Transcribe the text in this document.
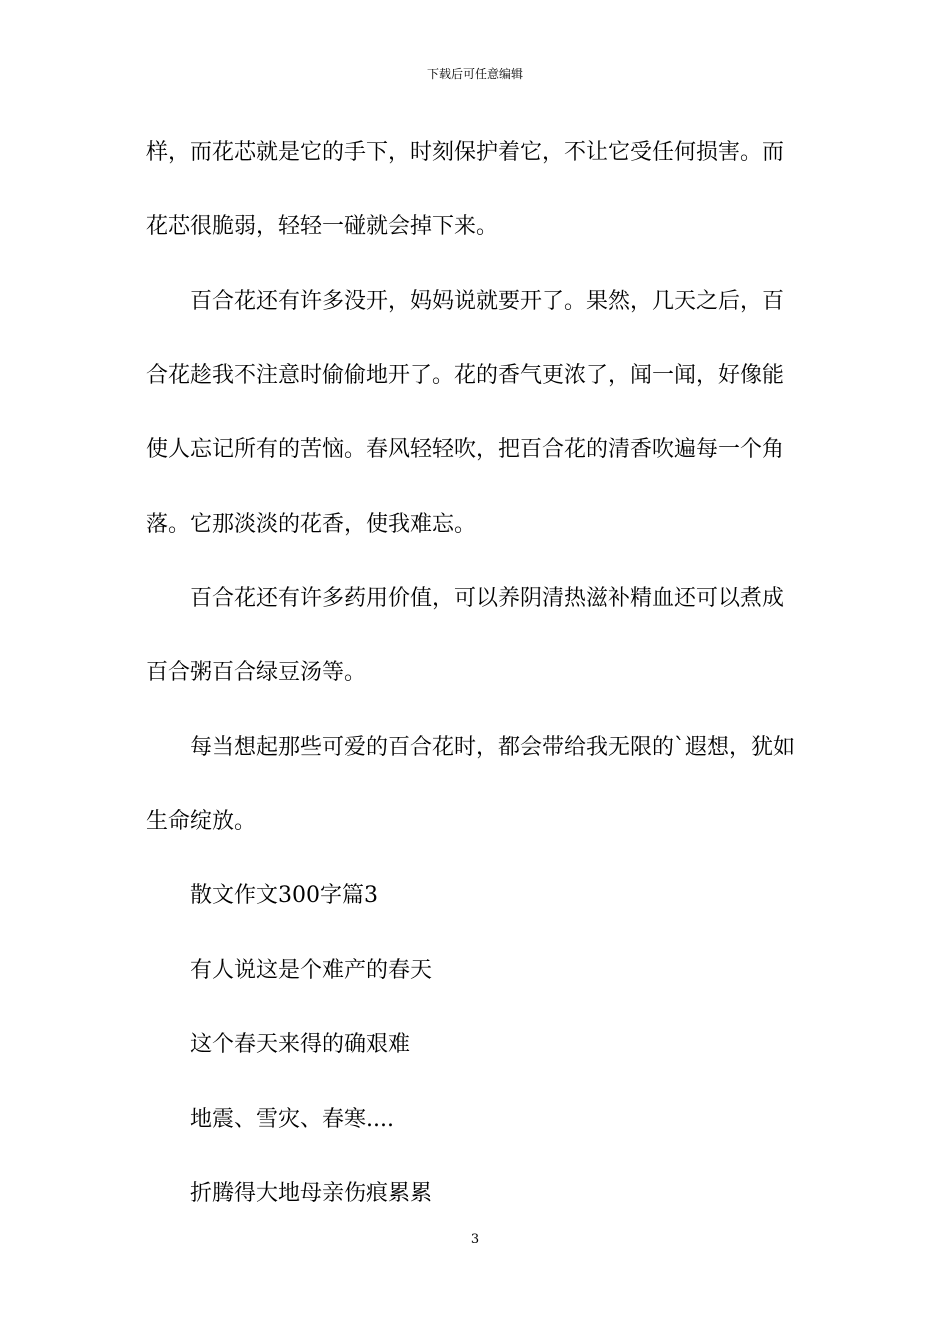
下载后可任意编辑
样，而花芯就是它的手下，时刻保护着它，不让它受任何损害。而
花芯很脆弱，轻轻一碰就会掉下来。
百合花还有许多没开，妈妈说就要开了。果然，几天之后，百
合花趁我不注意时偷偷地开了。花的香气更浓了，闻一闻，好像能
使人忘记所有的苦恼。春风轻轻吹，把百合花的清香吹遍每一个角
落。它那淡淡的花香，使我难忘。
百合花还有许多药用价值，可以养阴清热滋补精血还可以煮成
百合粥百合绿豆汤等。
每当想起那些可爱的百合花时，都会带给我无限的`遐想，犹如
生命绽放。
散文作文300字篇3
有人说这是个难产的春天
这个春天来得的确艰难
地震、雪灾、春寒....
折腾得大地母亲伤痕累累
3
